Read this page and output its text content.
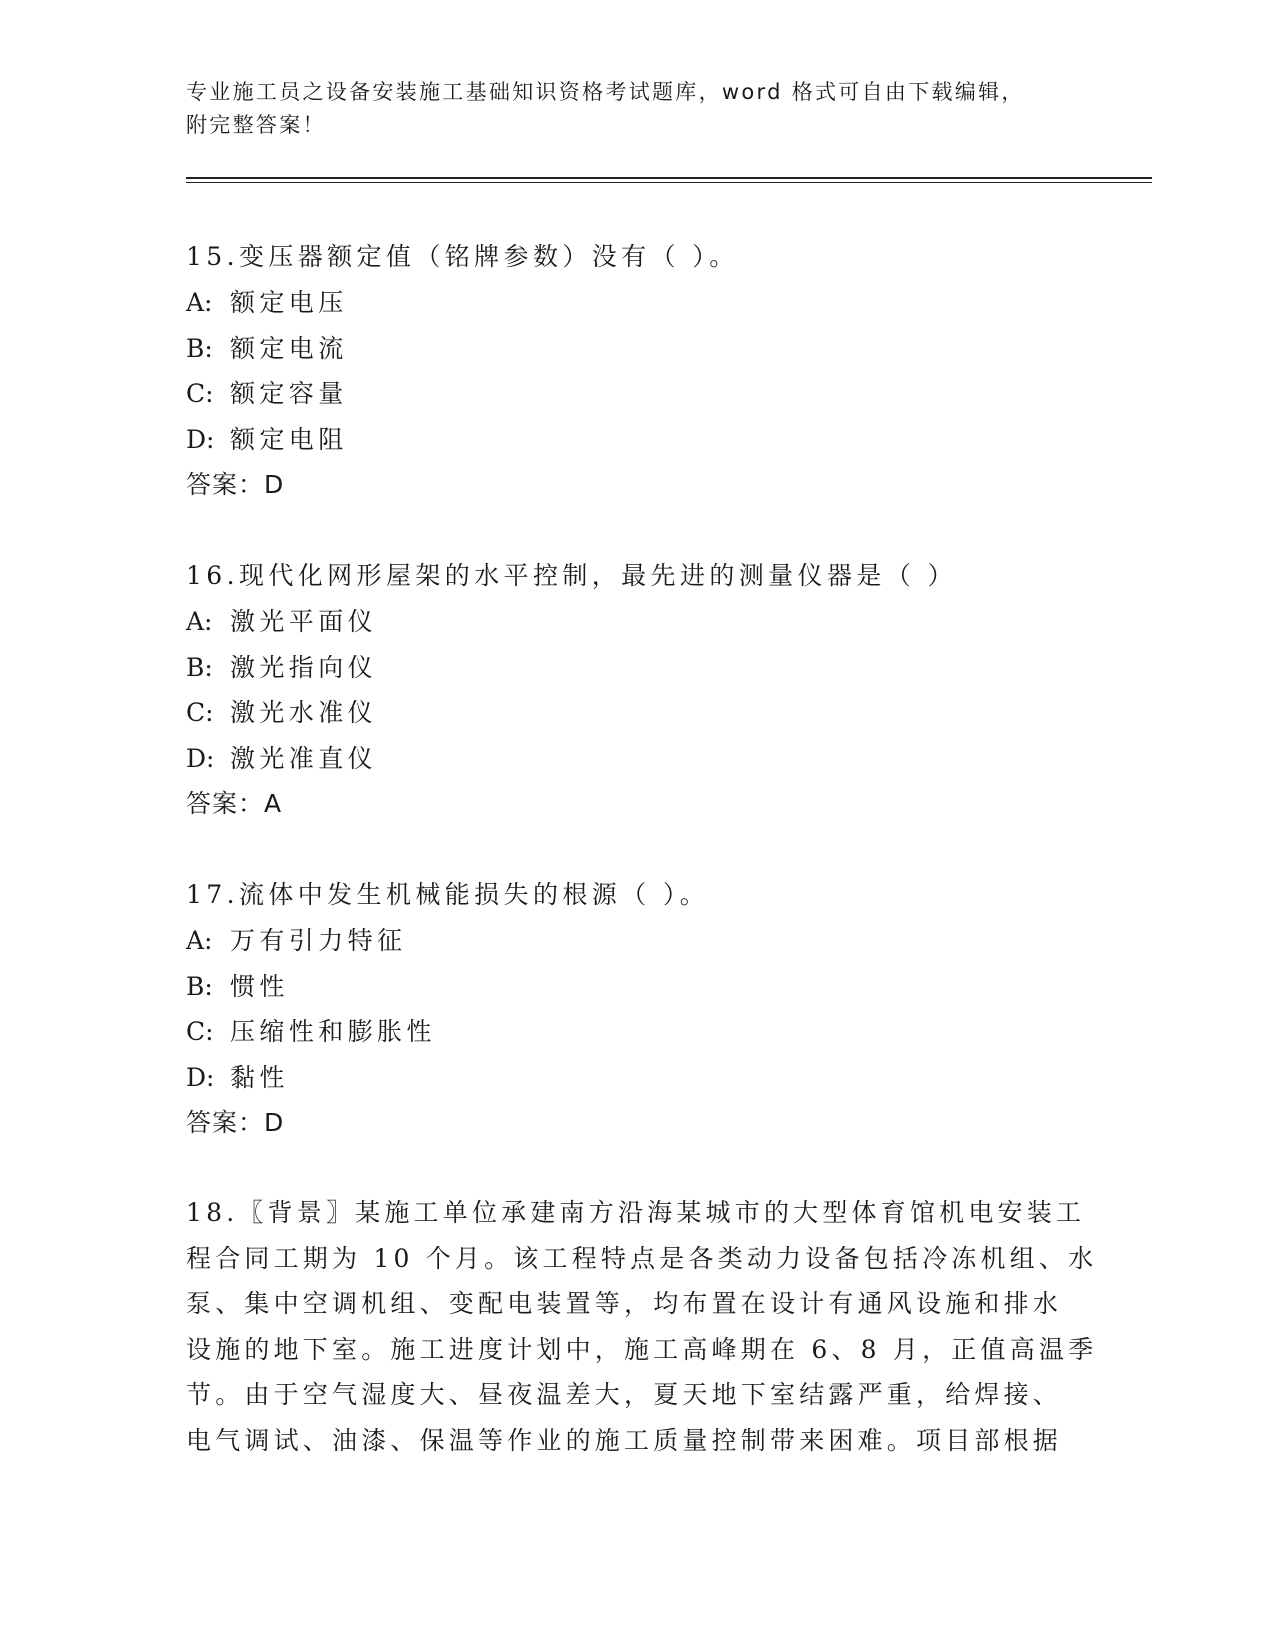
专业施工员之设备安装施工基础知识资格考试题库，word 格式可自由下载编辑，
附完整答案！
15.变压器额定值（铭牌参数）没有（ ）。
A: 额定电压
B: 额定电流
C: 额定容量
D: 额定电阻
答案：D
16.现代化网形屋架的水平控制，最先进的测量仪器是（ ）
A: 激光平面仪
B: 激光指向仪
C: 激光水准仪
D: 激光准直仪
答案：A
17.流体中发生机械能损失的根源（ ）。
A: 万有引力特征
B: 惯性
C: 压缩性和膨胀性
D: 黏性
答案：D
18.〖背景〗某施工单位承建南方沿海某城市的大型体育馆机电安装工
程合同工期为 10 个月。该工程特点是各类动力设备包括冷冻机组、水
泵、集中空调机组、变配电装置等，均布置在设计有通风设施和排水
设施的地下室。施工进度计划中，施工高峰期在 6、8 月，正值高温季
节。由于空气湿度大、昼夜温差大，夏天地下室结露严重，给焊接、
电气调试、油漆、保温等作业的施工质量控制带来困难。项目部根据
